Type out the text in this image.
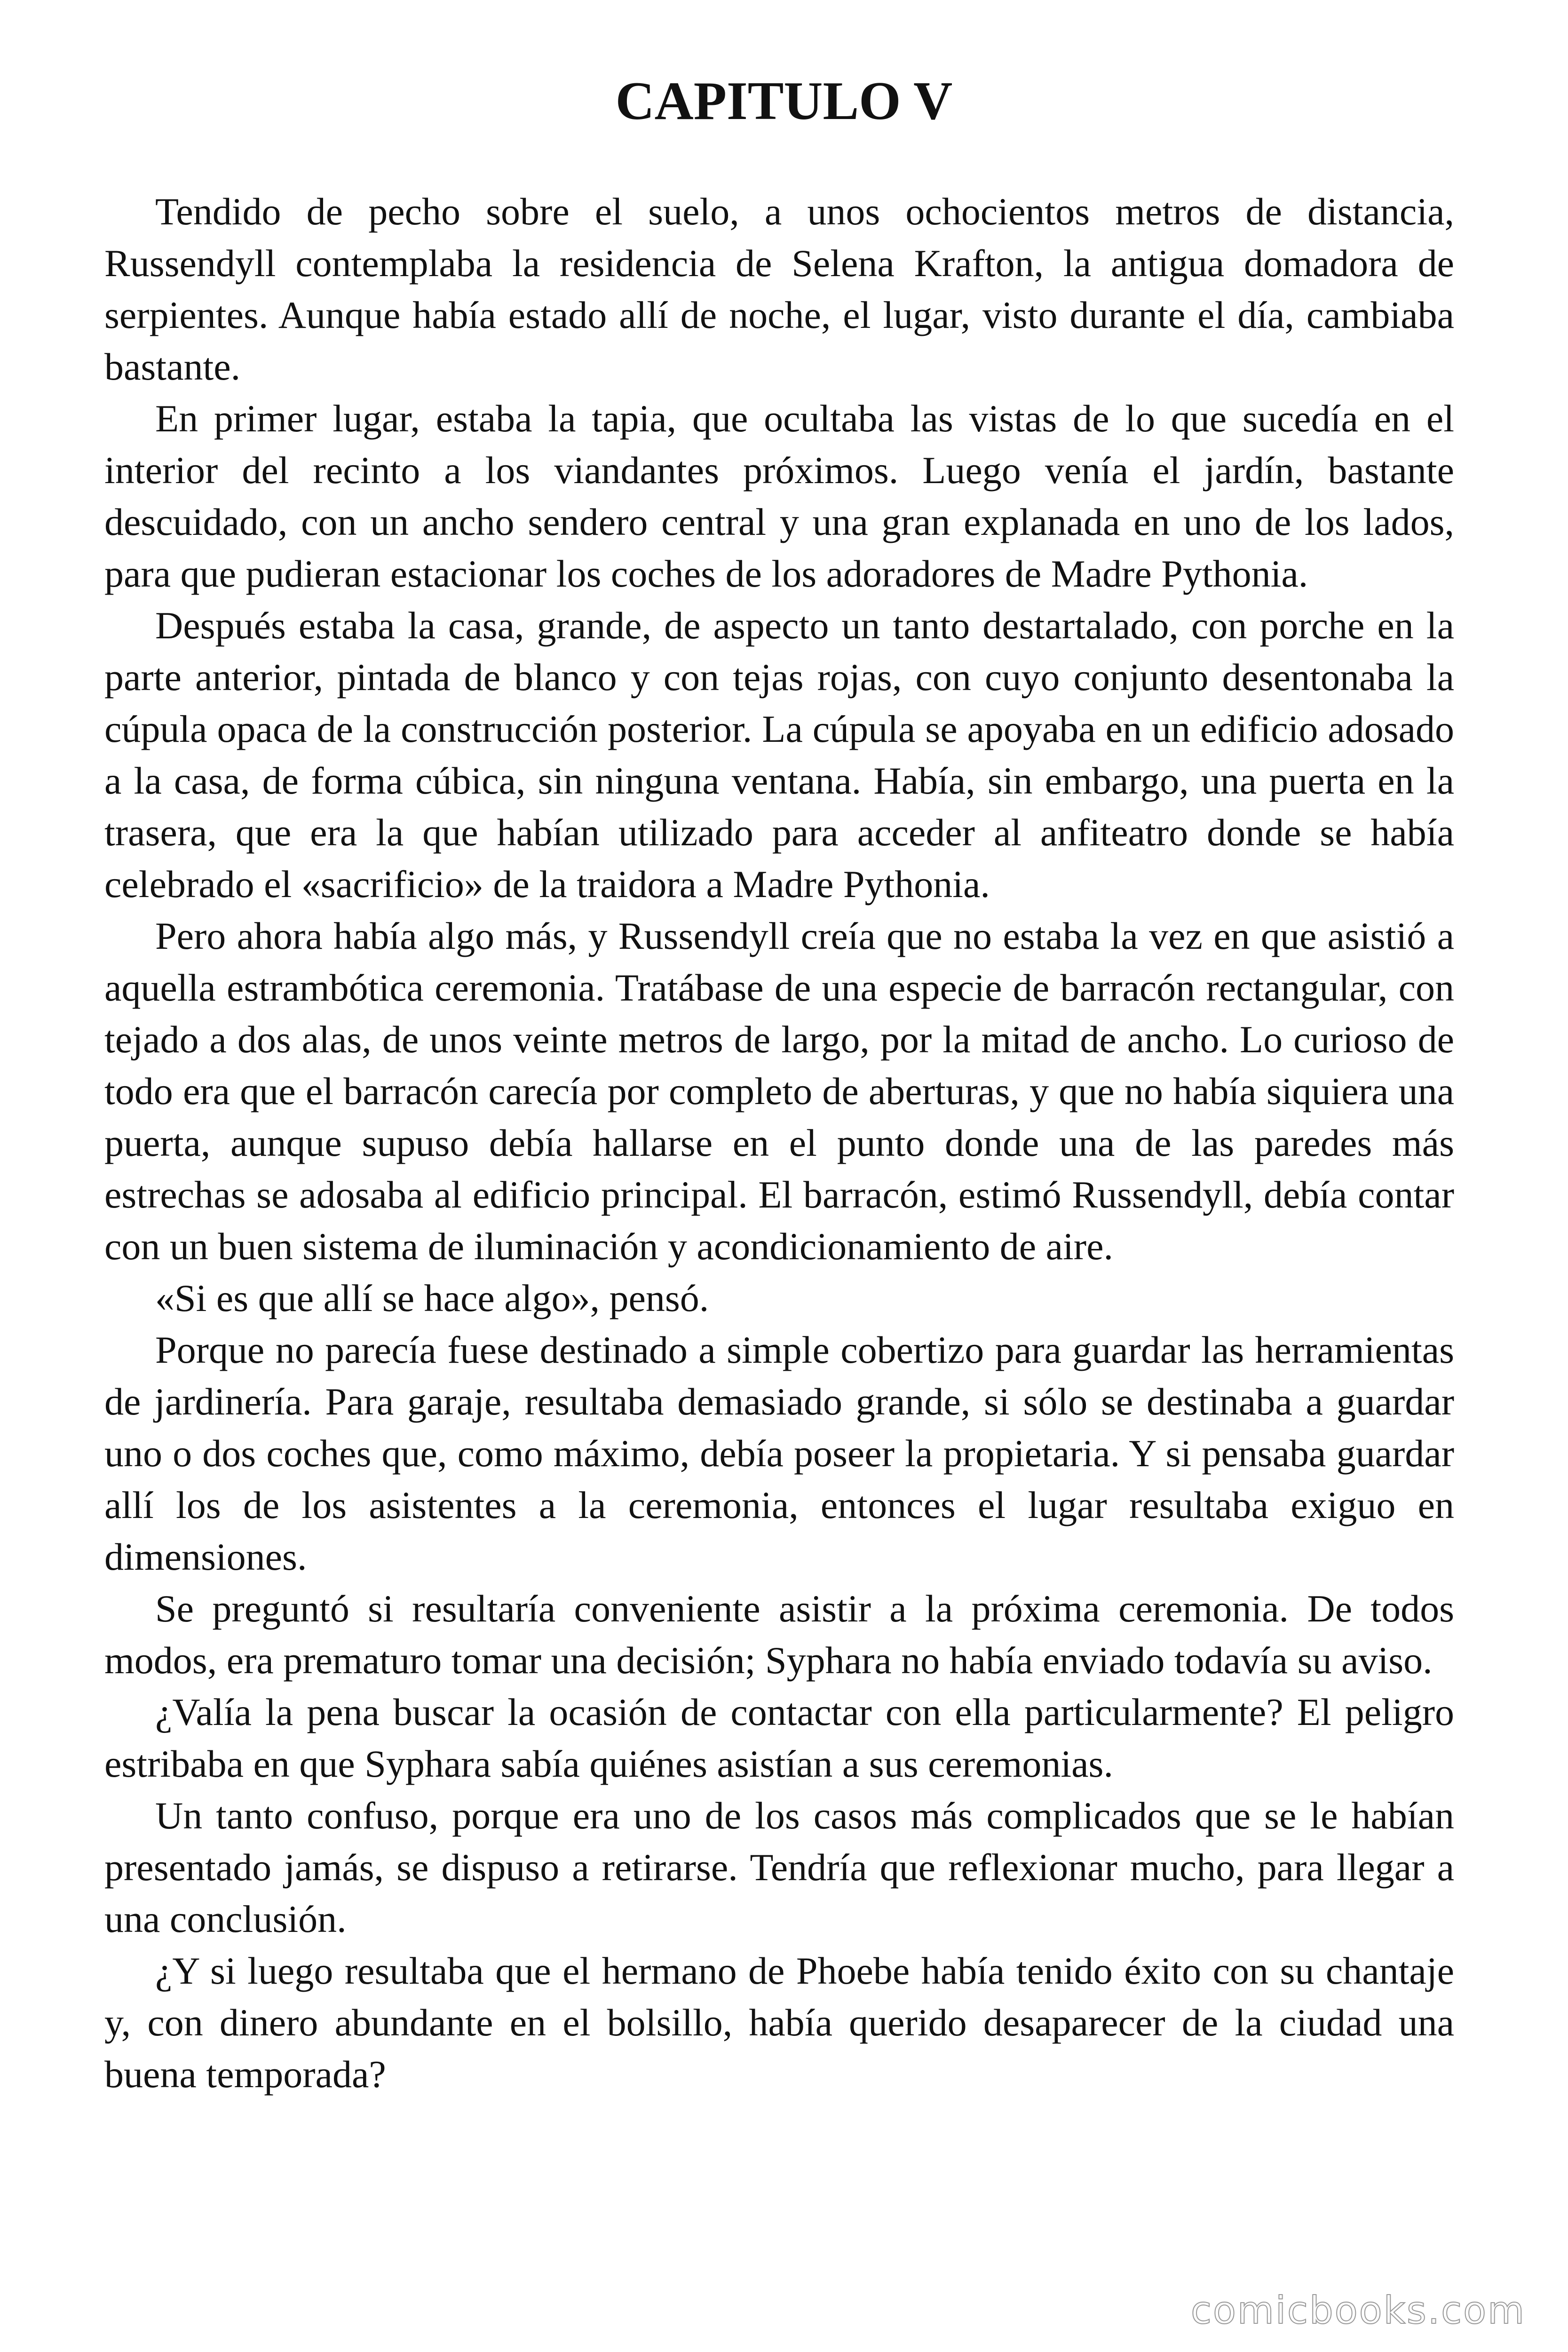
CAPITULO V

Tendido de pecho sobre el suelo, a unos ochocientos metros de distancia, Russendyll contemplaba la residencia de Selena Krafton, la antigua domadora de serpientes. Aunque había estado allí de noche, el lugar, visto durante el día, cambiaba bastante.

En primer lugar, estaba la tapia, que ocultaba las vistas de lo que sucedía en el interior del recinto a los viandantes próximos. Luego venía el jardín, bastante descuidado, con un ancho sendero central y una gran explanada en uno de los lados, para que pudieran estacionar los coches de los adoradores de Madre Pythonia.

Después estaba la casa, grande, de aspecto un tanto destartalado, con porche en la parte anterior, pintada de blanco y con tejas rojas, con cuyo conjunto desentonaba la cúpula opaca de la construcción posterior. La cúpula se apoyaba en un edificio adosado a la casa, de forma cúbica, sin ninguna ventana. Había, sin embargo, una puerta en la trasera, que era la que habían utilizado para acceder al anfiteatro donde se había celebrado el «sacrificio» de la traidora a Madre Pythonia.

Pero ahora había algo más, y Russendyll creía que no estaba la vez en que asistió a aquella estrambótica ceremonia. Tratábase de una especie de barracón rectangular, con tejado a dos alas, de unos veinte metros de largo, por la mitad de ancho. Lo curioso de todo era que el barracón carecía por completo de aberturas, y que no había siquiera una puerta, aunque supuso debía hallarse en el punto donde una de las paredes más estrechas se adosaba al edificio principal. El barracón, estimó Russendyll, debía contar con un buen sistema de iluminación y acondicionamiento de aire.

«Si es que allí se hace algo», pensó.

Porque no parecía fuese destinado a simple cobertizo para guardar las herramientas de jardinería. Para garaje, resultaba demasiado grande, si sólo se destinaba a guardar uno o dos coches que, como máximo, debía poseer la propietaria. Y si pensaba guardar allí los de los asistentes a la ceremonia, entonces el lugar resultaba exiguo en dimensiones.

Se preguntó si resultaría conveniente asistir a la próxima ceremonia. De todos modos, era prematuro tomar una decisión; Syphara no había enviado todavía su aviso.

¿Valía la pena buscar la ocasión de contactar con ella particularmente? El peligro estribaba en que Syphara sabía quiénes asistían a sus ceremonias.

Un tanto confuso, porque era uno de los casos más complicados que se le habían presentado jamás, se dispuso a retirarse. Tendría que reflexionar mucho, para llegar a una conclusión.

¿Y si luego resultaba que el hermano de Phoebe había tenido éxito con su chantaje y, con dinero abundante en el bolsillo, había querido desaparecer de la ciudad una buena temporada?

comicbooks.com
